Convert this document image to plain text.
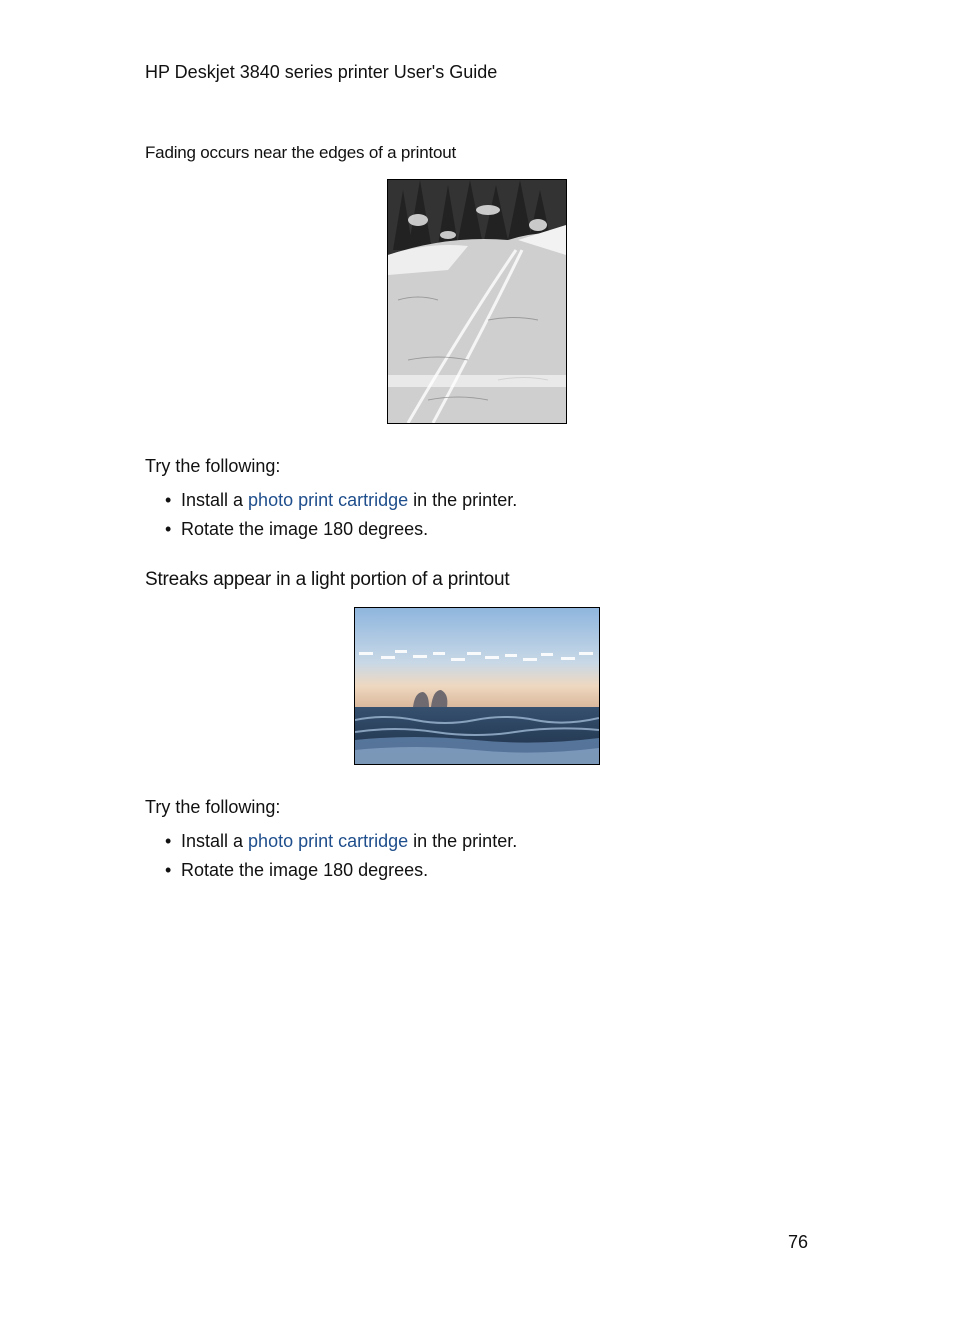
HP Deskjet 3840 series printer User's Guide
Fading occurs near the edges of a printout
Try the following:
• Install a photo print cartridge in the printer.
• Rotate the image 180 degrees.
Streaks appear in a light portion of a printout
Try the following:
• Install a photo print cartridge in the printer.
• Rotate the image 180 degrees.
76
